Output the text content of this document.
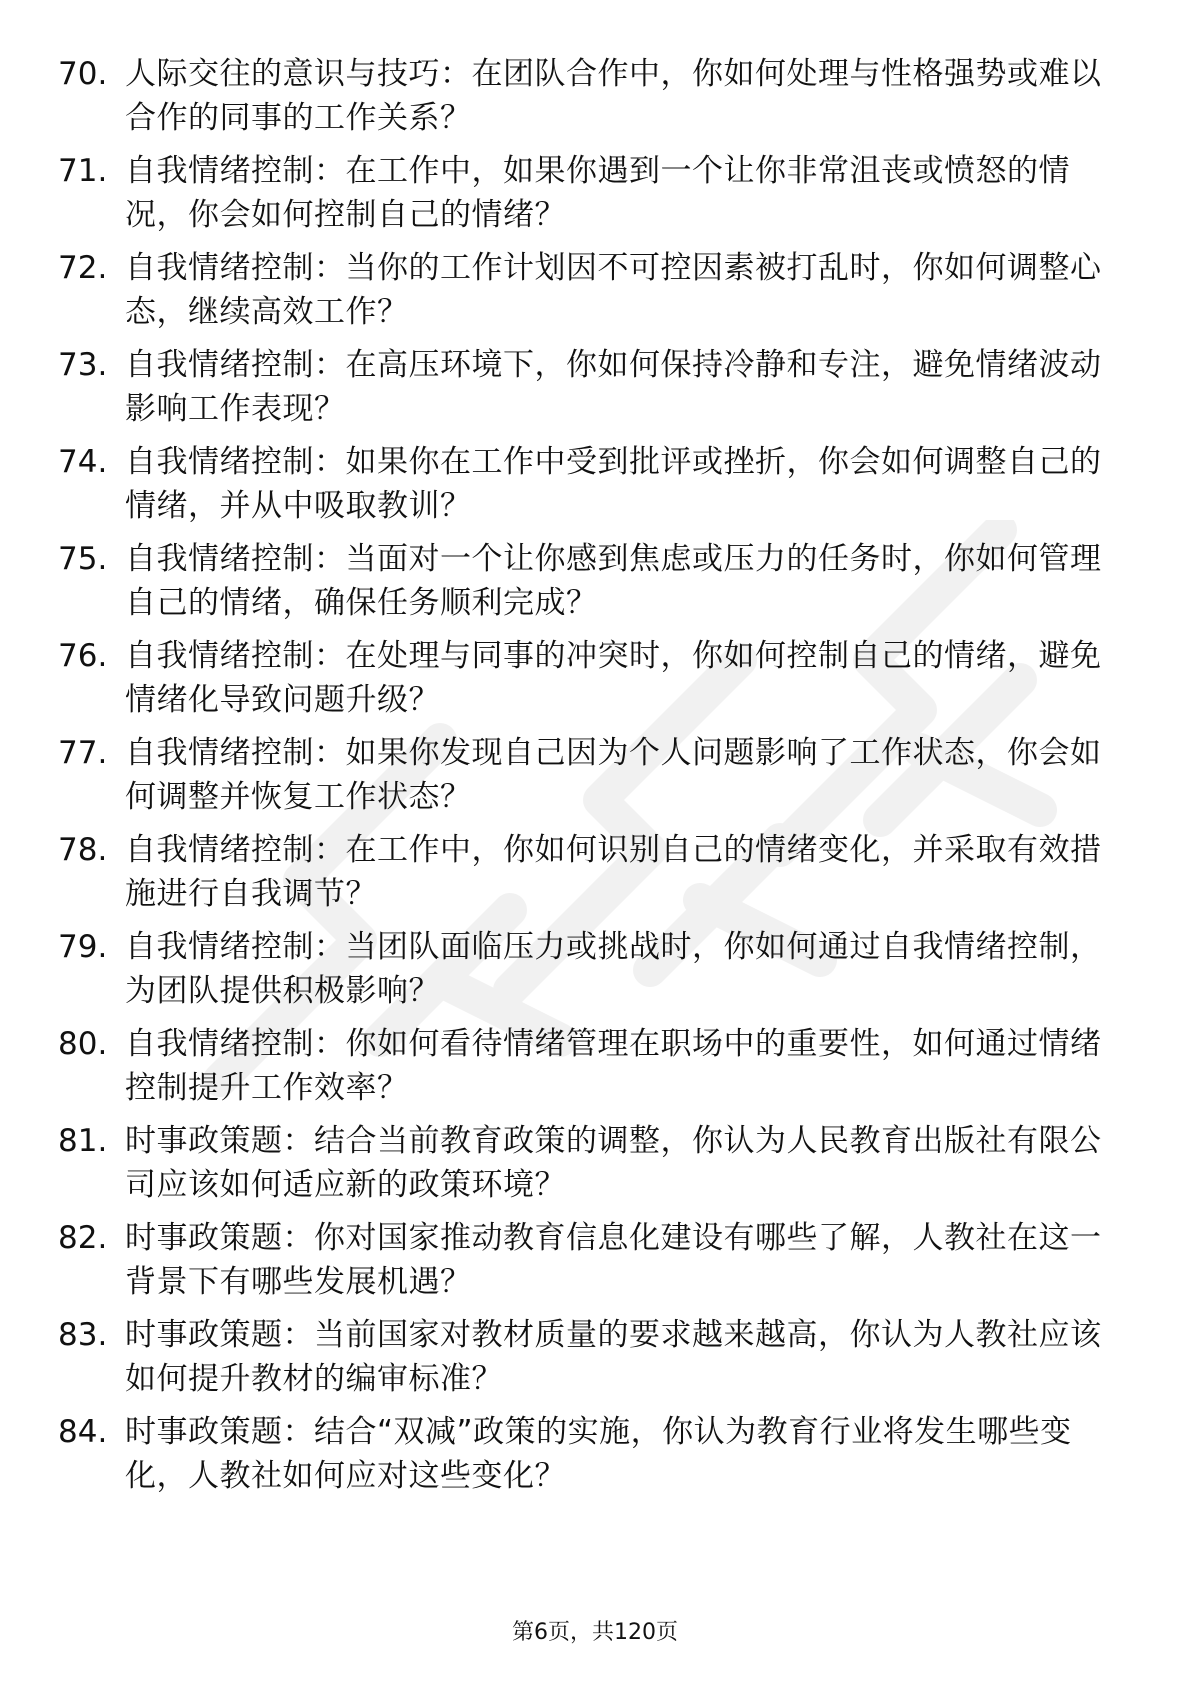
70. 人际交往的意识与技巧：在团队合作中，你如何处理与性格强势或难以合作的同事的工作关系？
71. 自我情绪控制：在工作中，如果你遇到一个让你非常沮丧或愤怒的情况，你会如何控制自己的情绪？
72. 自我情绪控制：当你的工作计划因不可控因素被打乱时，你如何调整心态，继续高效工作？
73. 自我情绪控制：在高压环境下，你如何保持冷静和专注，避免情绪波动影响工作表现？
74. 自我情绪控制：如果你在工作中受到批评或挫折，你会如何调整自己的情绪，并从中吸取教训？
75. 自我情绪控制：当面对一个让你感到焦虑或压力的任务时，你如何管理自己的情绪，确保任务顺利完成？
76. 自我情绪控制：在处理与同事的冲突时，你如何控制自己的情绪，避免情绪化导致问题升级？
77. 自我情绪控制：如果你发现自己因为个人问题影响了工作状态，你会如何调整并恢复工作状态？
78. 自我情绪控制：在工作中，你如何识别自己的情绪变化，并采取有效措施进行自我调节？
79. 自我情绪控制：当团队面临压力或挑战时，你如何通过自我情绪控制，为团队提供积极影响？
80. 自我情绪控制：你如何看待情绪管理在职场中的重要性，如何通过情绪控制提升工作效率？
81. 时事政策题：结合当前教育政策的调整，你认为人民教育出版社有限公司应该如何适应新的政策环境？
82. 时事政策题：你对国家推动教育信息化建设有哪些了解，人教社在这一背景下有哪些发展机遇？
83. 时事政策题：当前国家对教材质量的要求越来越高，你认为人教社应该如何提升教材的编审标准？
84. 时事政策题：结合“双减”政策的实施，你认为教育行业将发生哪些变化，人教社如何应对这些变化？
第6页，共120页
